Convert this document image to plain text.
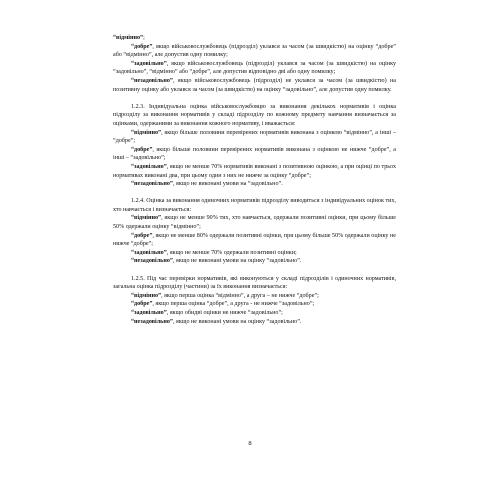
“відмінно”;

“добре”, якщо військовослужбовець (підрозділ) уклався за часом (за швидкістю) на оцінку “добре” або “відмінно”, але допустив одну помилку;

“задовільно”, якщо військовослужбовець (підрозділ) уклався за часом (за швидкістю) на оцінку “задовільно”, “відмінно” або “добре”, але допустив відповідно дві або одну помилку;

“незадовільно”, якщо військовослужбовець (підрозділ) не уклався за часом (за швидкістю) на позитивну оцінку або уклався за часом (за швидкістю) на оцінку “задовільно”, але допустив одну помилку.

1.2.3. Індивідуальна оцінка військовослужбовцю за виконання декількох нормативів і оцінка підрозділу за виконання нормативів у складі підрозділу по кожному предмету навчання визначається за оцінками, одержаними за виконання кожного нормативу, і вважається:

“відмінно”, якщо більше половини перевірених нормативів виконана з оцінкою “відмінно”, а інші – “добре”;

“добре”, якщо більше половини перевірених нормативів виконана з оцінкою не нижче “добре”, а інші – “задовільно”;

“задовільно”, якщо не менше 70% нормативів виконані з позитивною оцінкою, а при оцінці по трьох нормативах виконані два, при цьому один з них не нижче за оцінку “добре”;

“незадовільно”, якщо не виконані умови на “задовільно”.

1.2.4. Оцінка за виконання одиночних нормативів підрозділу виводиться з індивідуальних оцінок тих, хто навчається і визначається:

“відмінно”, якщо не менше 90% тих, хто навчається, одержали позитивні оцінки, при цьому більше 50% одержали оцінку “відмінно”;

“добре”, якщо не менше 80% одержали позитивні оцінки, при цьому більше 50% одержали оцінку не нижче “добре”;

“задовільно”, якщо не менше 70% одержали позитивні оцінки;

“незадовільно”, якщо не виконані умови на оцінку “задовільно”.

1.2.5. Під час перевірки нормативів, які виконуються у складі підрозділів і одиночних нормативів, загальна оцінка підрозділу (частини) за їх виконання визначається:

“відмінно”, якщо перша оцінка “відмінно”, а друга – не нижче “добре”;

“добре”, якщо перша оцінка “добре”, а друга - не нижче “задовільно”;

“задовільно”, якщо обидві оцінки не нижче “задовільно”;

“незадовільно”, якщо не виконані умови на оцінку “задовільно”.

8
